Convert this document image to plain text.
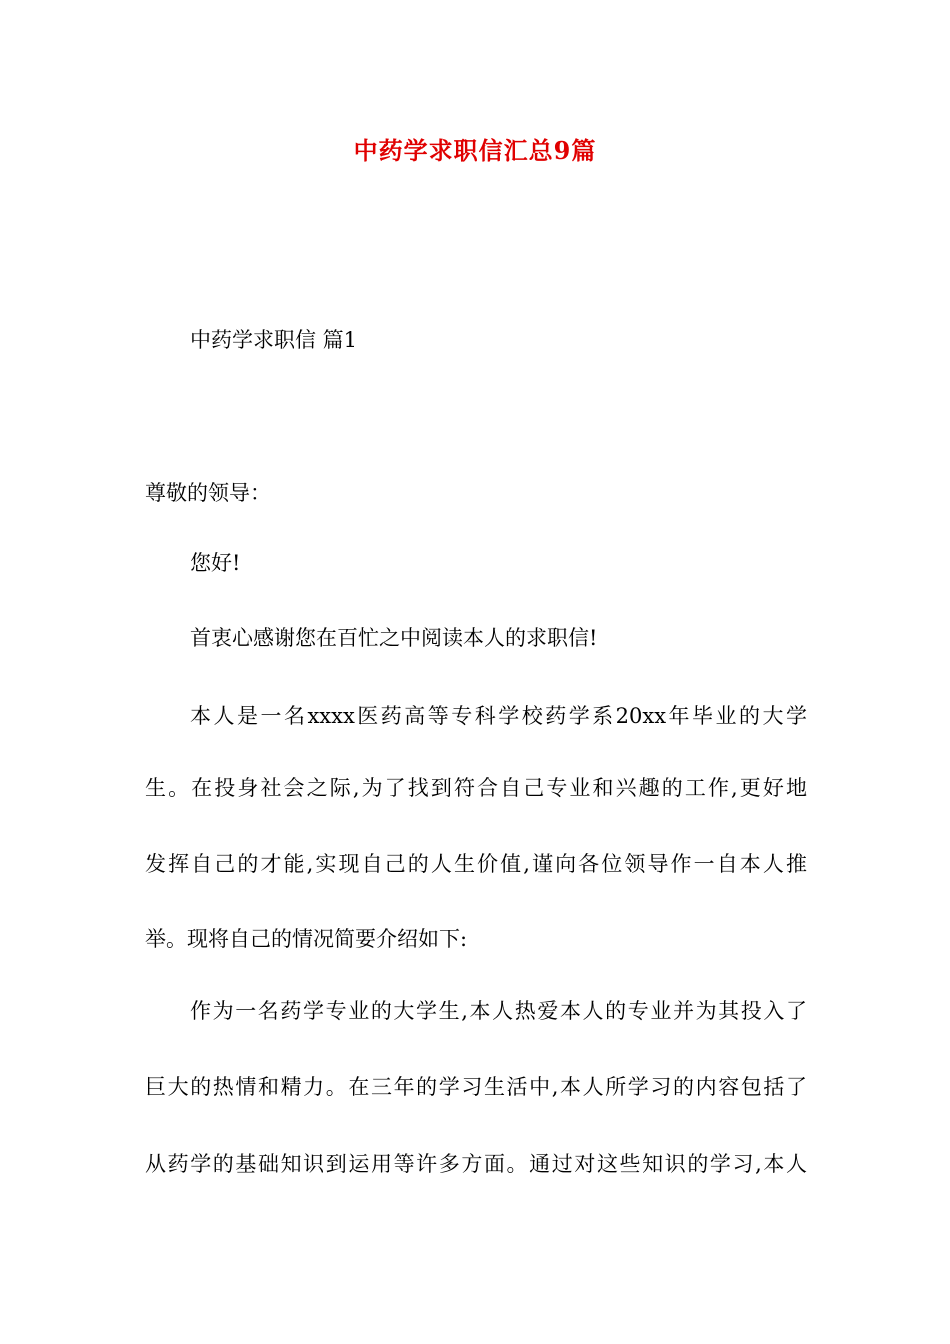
中药学求职信汇总9篇
中药学求职信 篇1
尊敬的领导：
您好!
首衷心感谢您在百忙之中阅读本人的求职信!
本人是一名xxxx医药高等专科学校药学系20xx年毕业的大学
生。在投身社会之际,为了找到符合自己专业和兴趣的工作,更好地
发挥自己的才能,实现自己的人生价值,谨向各位领导作一自本人推
举。现将自己的情况简要介绍如下:
作为一名药学专业的大学生,本人热爱本人的专业并为其投入了
巨大的热情和精力。在三年的学习生活中,本人所学习的内容包括了
从药学的基础知识到运用等许多方面。通过对这些知识的学习,本人
